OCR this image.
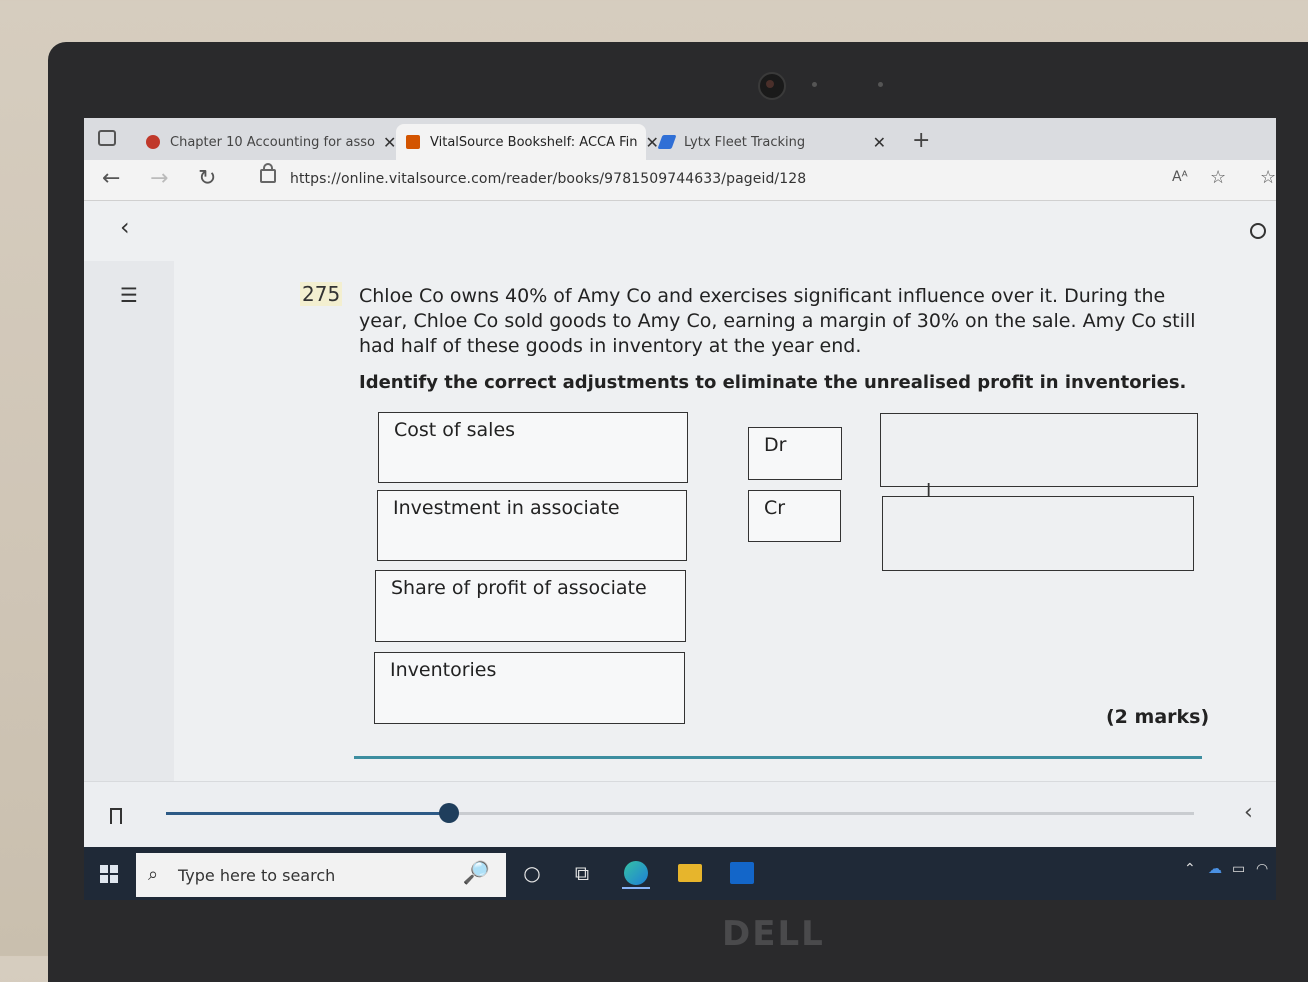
Chapter 10 Accounting for asso ✕	VitalSource Bookshelf: ACCA Fin ✕ Lytx Fleet Tracking	✕ +
← → ↻	https://online.vitalsource.com/reader/books/9781509744633/pageid/128	A͏ᴬ ☆ ☆
‹
☰	275 Chloe Co owns 40% of Amy Co and exercises significant influence over it. During the year, Chloe Co sold goods to Amy Co, earning a margin of 30% on the sale. Amy Co still had half of these goods in inventory at the year end.
Identify the correct adjustments to eliminate the unrealised profit in inventories.
Cost of sales
Investment in associate
Share of profit of associate
Inventories
Dr
Cr
I
(2 marks)
‹
⌕ Type here to search	🔎 ○	⧉	⌃ ☁ ▭ ◠
DELL
